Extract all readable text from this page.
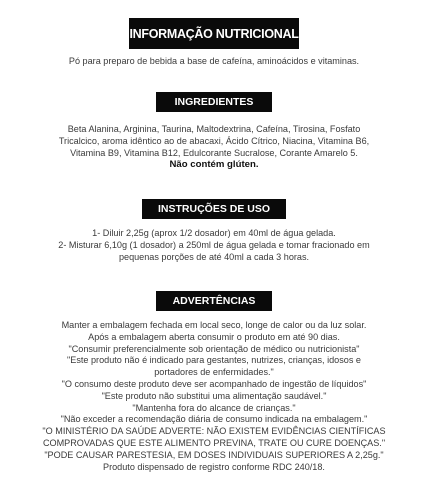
INFORMAÇÃO NUTRICIONAL
Pó para preparo de bebida a base de cafeína, aminoácidos e vitaminas.
INGREDIENTES
Beta Alanina, Arginina, Taurina, Maltodextrina, Cafeína, Tirosina, Fosfato
Tricalcico, aroma idêntico ao de abacaxi, Ácido Cítrico, Niacina, Vitamina B6,
Vitamina B9, Vitamina B12, Edulcorante Sucralose, Corante Amarelo 5.
Não contém glúten.
INSTRUÇÕES DE USO
1- Diluir 2,25g (aprox 1/2 dosador) em 40ml de água gelada.
2- Misturar 6,10g (1 dosador) a 250ml de água gelada e tomar fracionado em
pequenas porções de até 40ml a cada 3 horas.
ADVERTÊNCIAS
Manter a embalagem fechada em local seco, longe de calor ou da luz solar.
Após a embalagem aberta consumir o produto em até 90 dias.
"Consumir preferencialmente sob orientação de médico ou nutricionista"
"Este produto não é indicado para gestantes, nutrizes, crianças, idosos e
portadores de enfermidades."
"O consumo deste produto deve ser acompanhado de ingestão de líquidos"
"Este produto não substitui uma alimentação saudável."
"Mantenha fora do alcance de crianças."
"Não exceder a recomendação diária de consumo indicada na embalagem."
"O MINISTÉRIO DA SAÚDE ADVERTE: NÃO EXISTEM EVIDÊNCIAS CIENTÍFICAS
COMPROVADAS QUE ESTE ALIMENTO PREVINA, TRATE OU CURE DOENÇAS."
"PODE CAUSAR PARESTESIA, EM DOSES INDIVIDUAIS SUPERIORES A 2,25g."
Produto dispensado de registro conforme RDC 240/18.
